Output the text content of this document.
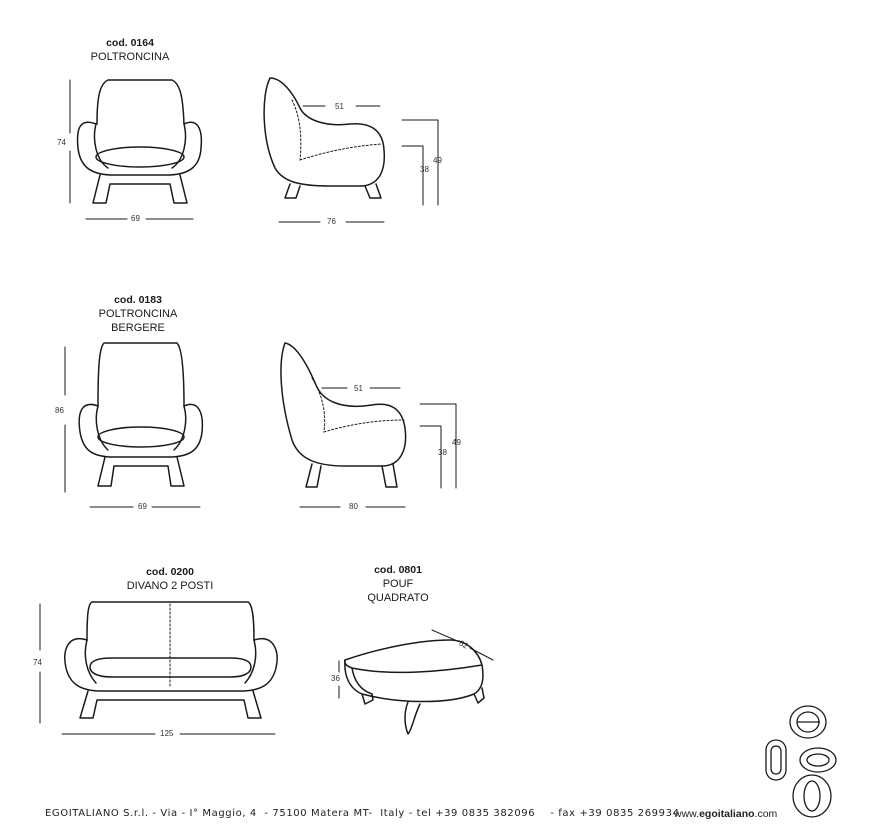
cod. 0164
POLTRONCINA
cod. 0183
POLTRONCINA
BERGERE
cod. 0200
DIVANO 2 POSTI
cod. 0801
POUF
QUADRATO
74
69
51
76
49
38
86
69
51
80
49
38
74
125
36
62
EGOITALIANO S.r.l. - Via - I° Maggio, 4  - 75100 Matera MT-  Italy - tel +39 0835 382096    - fax +39 0835 269934
www.egoitaliano.com
